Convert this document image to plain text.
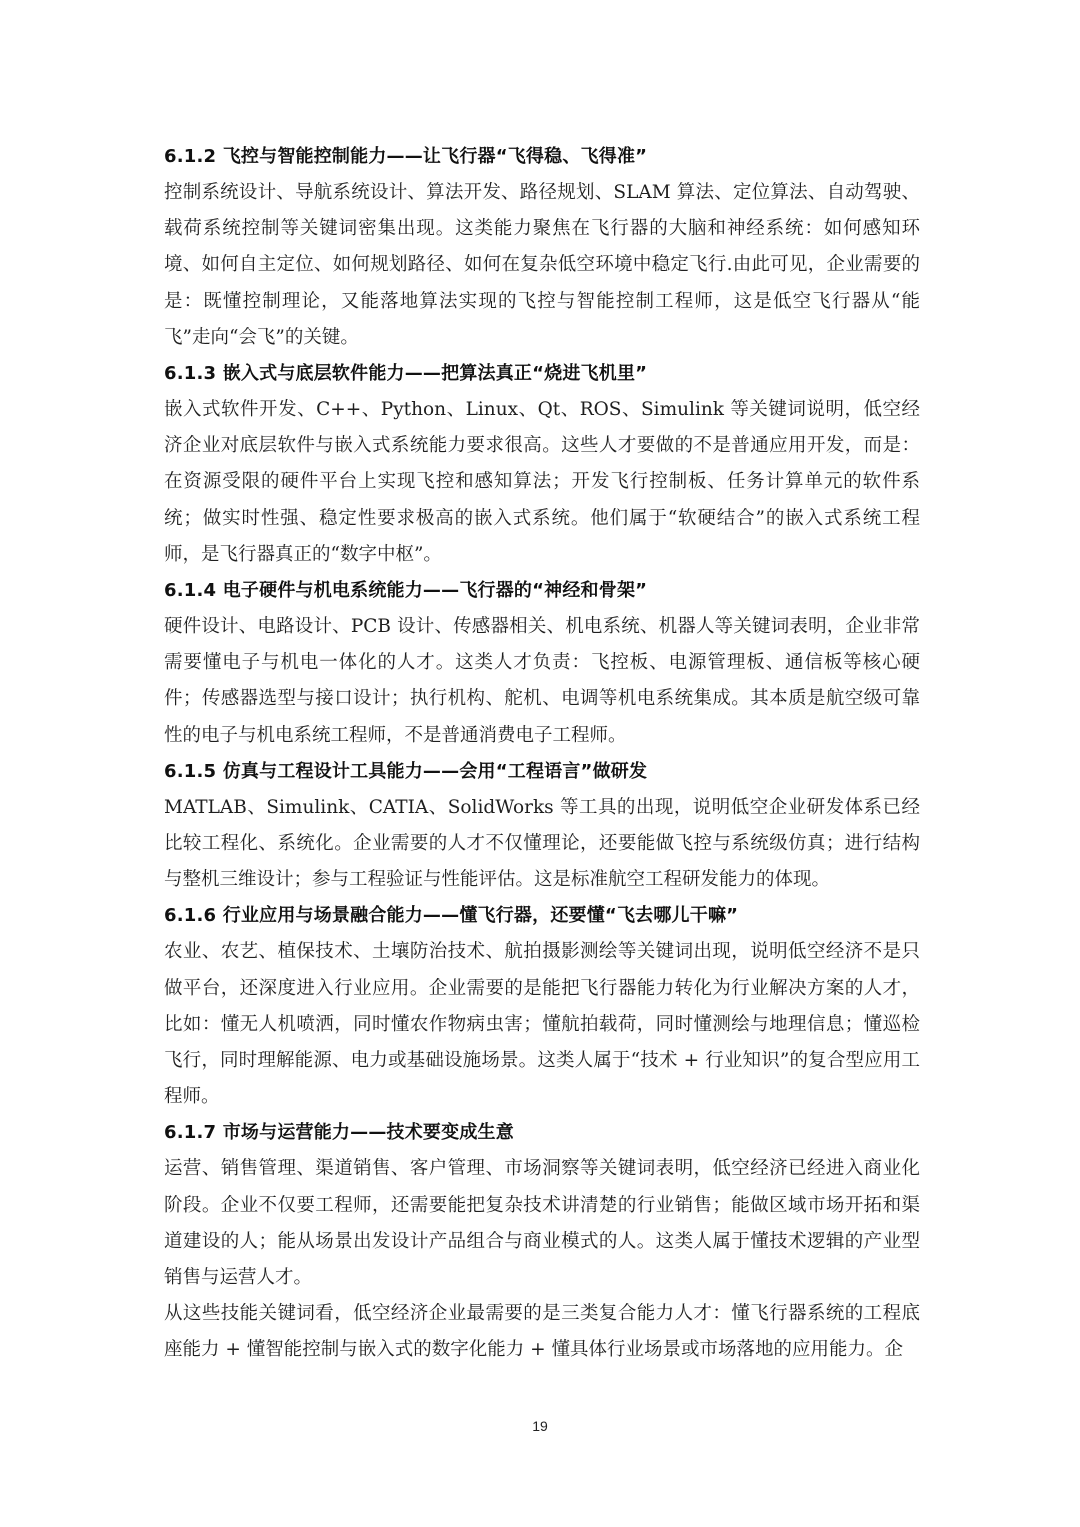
6.1.2 飞控与智能控制能力——让飞行器“飞得稳、飞得准”

控制系统设计、导航系统设计、算法开发、路径规划、SLAM 算法、定位算法、自动驾驶、载荷系统控制等关键词密集出现。这类能力聚焦在飞行器的大脑和神经系统：如何感知环境、如何自主定位、如何规划路径、如何在复杂低空环境中稳定飞行.由此可见，企业需要的是：既懂控制理论，又能落地算法实现的飞控与智能控制工程师，这是低空飞行器从“能飞”走向“会飞”的关键。

6.1.3 嵌入式与底层软件能力——把算法真正“烧进飞机里”

嵌入式软件开发、C++、Python、Linux、Qt、ROS、Simulink 等关键词说明，低空经济企业对底层软件与嵌入式系统能力要求很高。这些人才要做的不是普通应用开发，而是：在资源受限的硬件平台上实现飞控和感知算法；开发飞行控制板、任务计算单元的软件系统；做实时性强、稳定性要求极高的嵌入式系统。他们属于“软硬结合”的嵌入式系统工程师，是飞行器真正的“数字中枢”。

6.1.4 电子硬件与机电系统能力——飞行器的“神经和骨架”

硬件设计、电路设计、PCB 设计、传感器相关、机电系统、机器人等关键词表明，企业非常需要懂电子与机电一体化的人才。这类人才负责：飞控板、电源管理板、通信板等核心硬件；传感器选型与接口设计；执行机构、舵机、电调等机电系统集成。其本质是航空级可靠性的电子与机电系统工程师，不是普通消费电子工程师。

6.1.5 仿真与工程设计工具能力——会用“工程语言”做研发

MATLAB、Simulink、CATIA、SolidWorks 等工具的出现，说明低空企业研发体系已经比较工程化、系统化。企业需要的人才不仅懂理论，还要能做飞控与系统级仿真；进行结构与整机三维设计；参与工程验证与性能评估。这是标准航空工程研发能力的体现。

6.1.6 行业应用与场景融合能力——懂飞行器，还要懂“飞去哪儿干嘛”

农业、农艺、植保技术、土壤防治技术、航拍摄影测绘等关键词出现，说明低空经济不是只做平台，还深度进入行业应用。企业需要的是能把飞行器能力转化为行业解决方案的人才，比如：懂无人机喷洒，同时懂农作物病虫害；懂航拍载荷，同时懂测绘与地理信息；懂巡检飞行，同时理解能源、电力或基础设施场景。这类人属于“技术 + 行业知识”的复合型应用工程师。

6.1.7 市场与运营能力——技术要变成生意

运营、销售管理、渠道销售、客户管理、市场洞察等关键词表明，低空经济已经进入商业化阶段。企业不仅要工程师，还需要能把复杂技术讲清楚的行业销售；能做区域市场开拓和渠道建设的人；能从场景出发设计产品组合与商业模式的人。这类人属于懂技术逻辑的产业型销售与运营人才。

从这些技能关键词看，低空经济企业最需要的是三类复合能力人才：懂飞行器系统的工程底座能力 + 懂智能控制与嵌入式的数字化能力 + 懂具体行业场景或市场落地的应用能力。企

19
